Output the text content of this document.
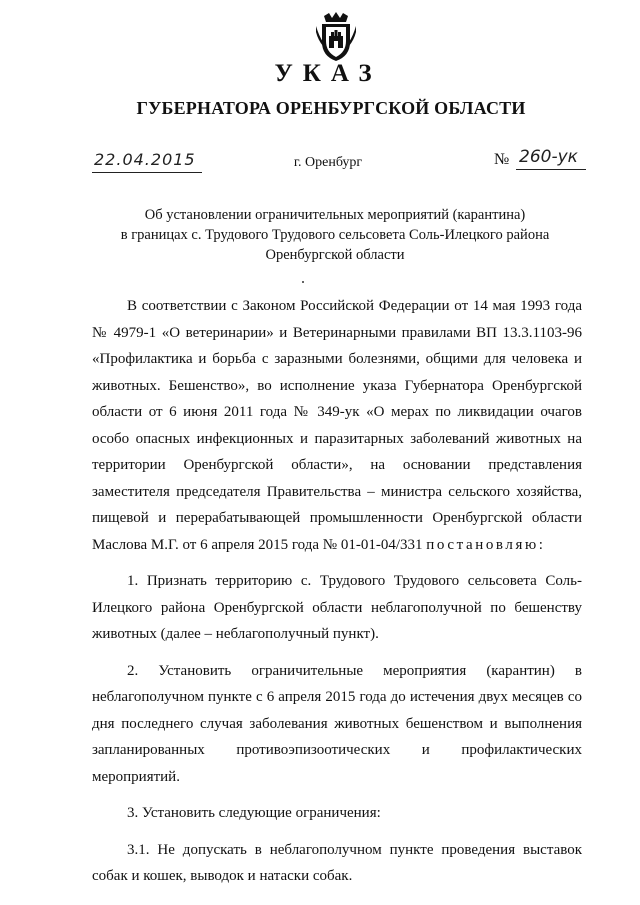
УКАЗ
ГУБЕРНАТОРА ОРЕНБУРГСКОЙ ОБЛАСТИ
22.04.2015	г. Оренбург	№ 260-ук
Об установлении ограничительных мероприятий (карантина)
в границах с. Трудового Трудового сельсовета Соль-Илецкого района
Оренбургской области

В соответствии с Законом Российской Федерации от 14 мая 1993 года № 4979-1 «О ветеринарии» и Ветеринарными правилами ВП 13.3.1103-96 «Профилактика и борьба с заразными болезнями, общими для человека и животных. Бешенство», во исполнение указа Губернатора Оренбургской области от 6 июня 2011 года № 349-ук «О мерах по ликвидации очагов особо опасных инфекционных и паразитарных заболеваний животных на территории Оренбургской области», на основании представления заместителя председателя Правительства – министра сельского хозяйства, пищевой и перерабатывающей промышленности Оренбургской области Маслова М.Г. от 6 апреля 2015 года № 01-01-04/331 постановляю:

1. Признать территорию с. Трудового Трудового сельсовета Соль-Илецкого района Оренбургской области неблагополучной по бешенству животных (далее – неблагополучный пункт).

2. Установить ограничительные мероприятия (карантин) в неблагополучном пункте с 6 апреля 2015 года до истечения двух месяцев со дня последнего случая заболевания животных бешенством и выполнения запланированных противоэпизоотических и профилактических мероприятий.

3. Установить следующие ограничения:

3.1. Не допускать в неблагополучном пункте проведения выставок собак и кошек, выводок и натаски собак.
